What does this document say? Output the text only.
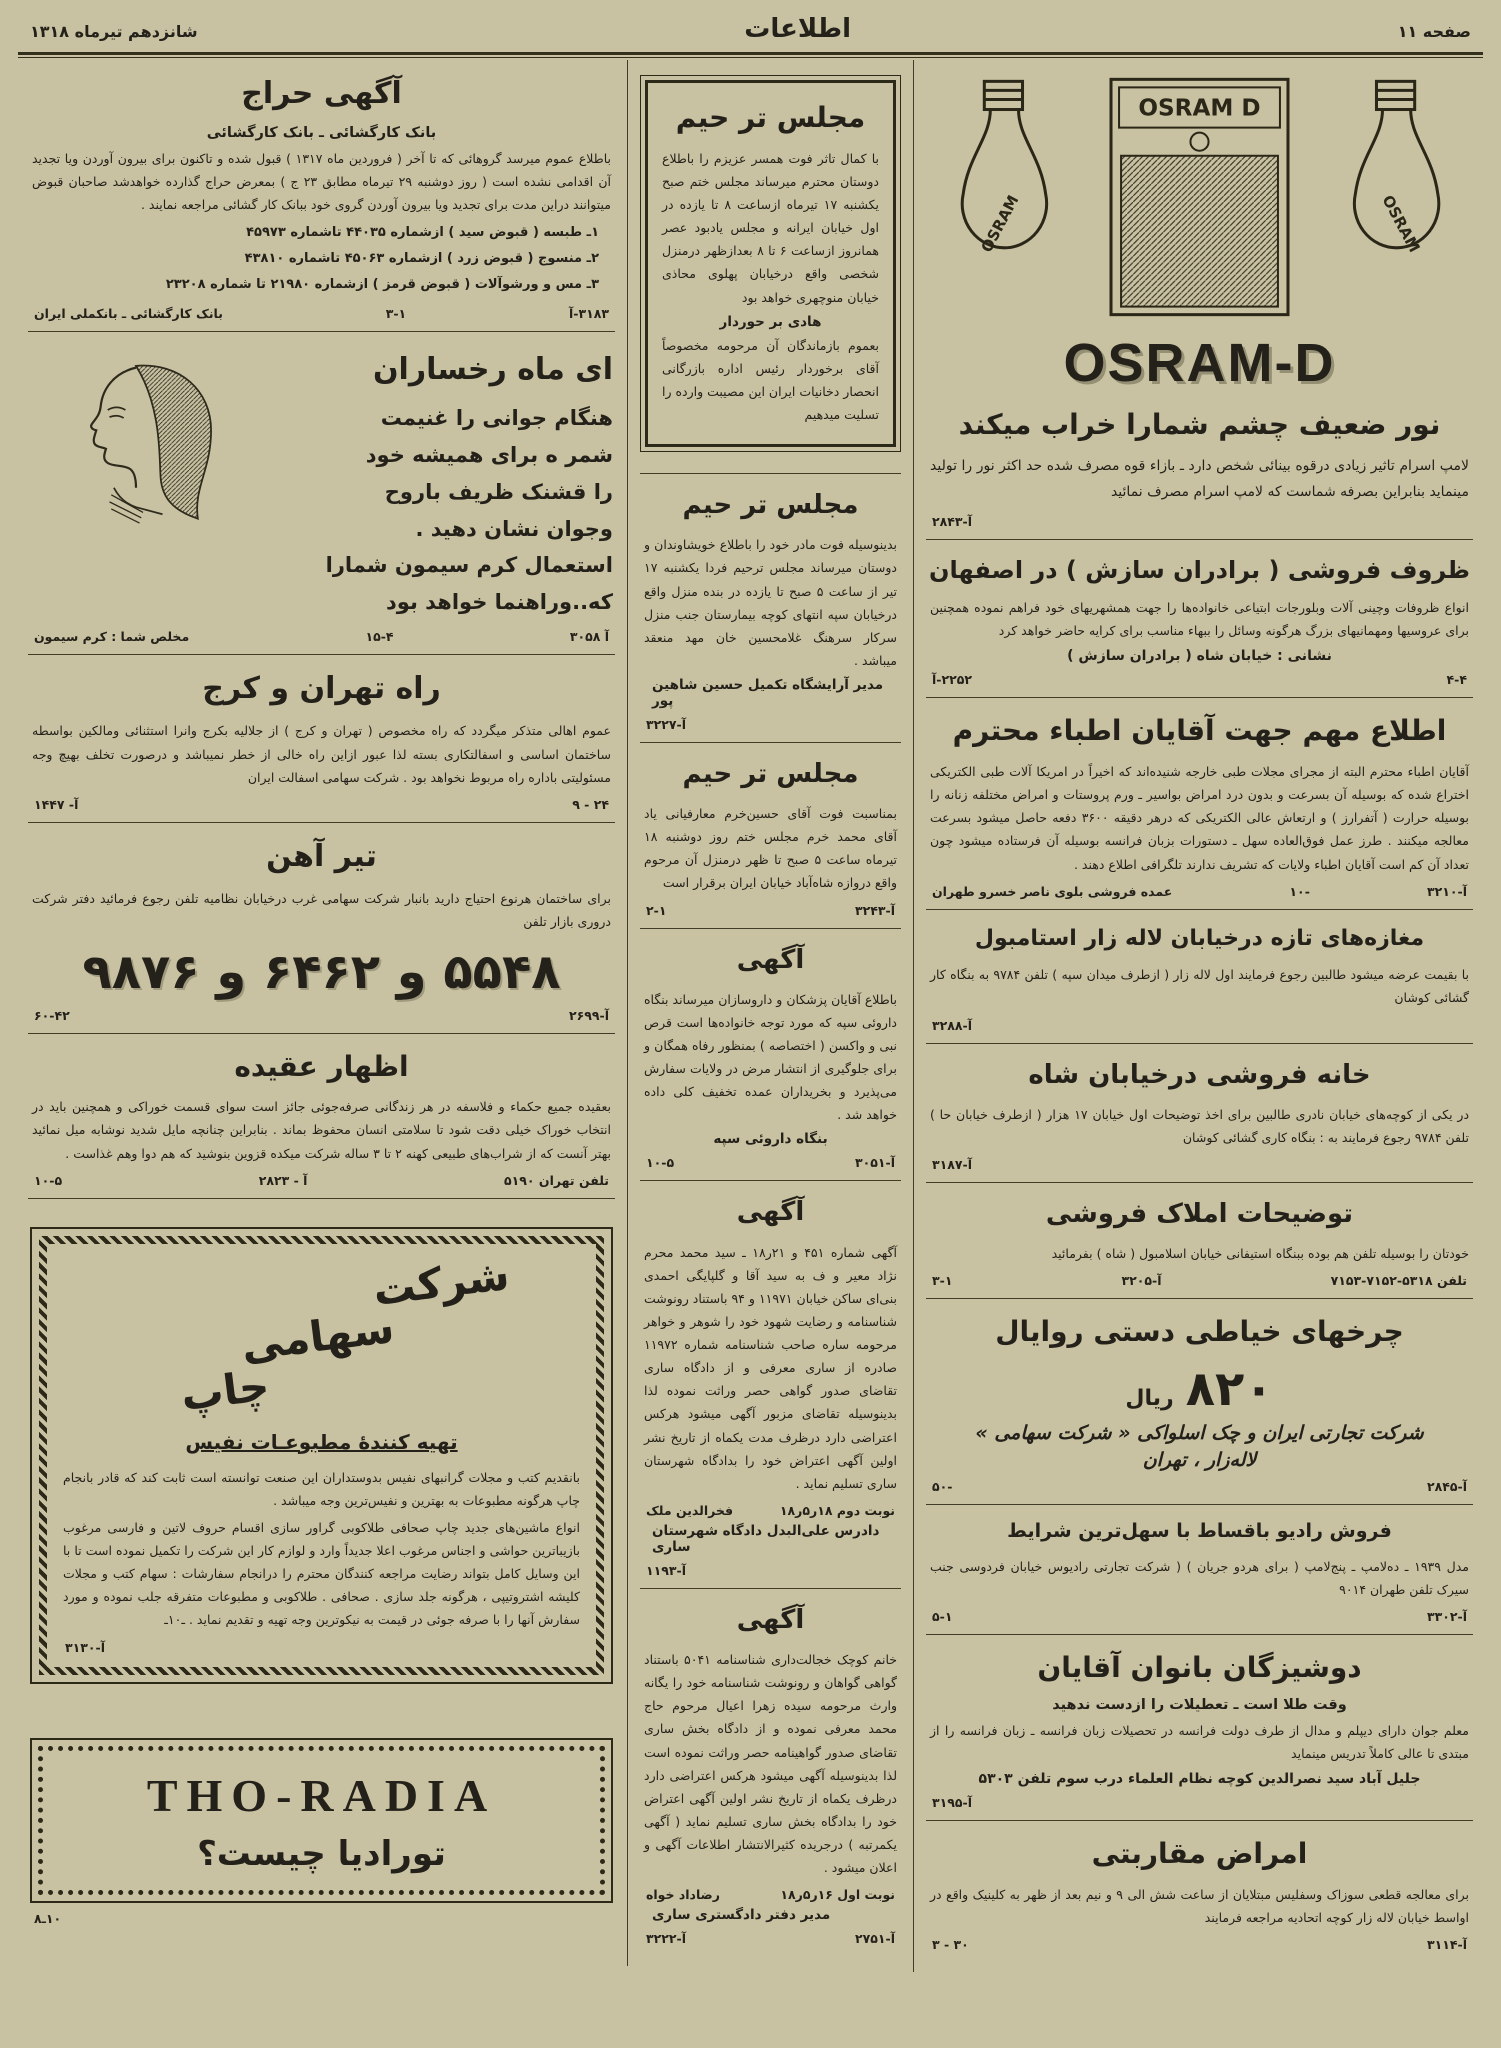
صفحه ۱۱
اطلاعات
شانزدهم تیرماه ۱۳۱۸
OSRAM
OSRAM D
OSRAM
OSRAM-D
نور ضعیف چشم شمارا خراب میکند

لامپ اسرام تاثیر زیادی درقوه بینائی شخص دارد ـ بازاء قوه مصرف شده حد اکثر نور را تولید مینماید بنابراین بصرفه شماست که لامپ اسرام مصرف نمائید

آ-۲۸۴۳
ظروف فروشی ( برادران سازش ) در اصفهان

انواع ظروفات وچینی آلات وبلورجات ابتیاعی خانواده‌ها را جهت همشهریهای خود فراهم نموده همچنین برای عروسیها ومهمانیهای بزرگ هرگونه وسائل را ببهاء مناسب برای کرایه حاضر خواهد کرد

نشانی : خیابان شاه ( برادران سازش )
۴-۴
۲۲۵۲-آ
اطلاع مهم جهت آقایان اطباء محترم

آقایان اطباء محترم البته از مجرای مجلات طبی خارجه شنیده‌اند که اخیراً در امریکا آلات طبی الکتریکی اختراع شده که بوسیله آن بسرعت و بدون درد امراض بواسیر ـ ورم پروستات و امراض مختلفه زنانه را بوسیله حرارت ( آتفرارز ) و ارتعاش عالی الکتریکی که درهر دقیقه ۳۶۰۰ دفعه حاصل میشود بسرعت معالجه میکنند . طرز عمل فوق‌العاده سهل ـ دستورات بزبان فرانسه بوسیله آن فرستاده میشود چون تعداد آن کم است آقایان اطباء ولایات که تشریف ندارند تلگرافی اطلاع دهند .

آ-۳۲۱۰
-۱۰
عمده فروشی بلوی ناصر خسرو طهران
مغازه‌های تازه درخیابان لاله زار استامبول

با بقیمت عرضه میشود طالبین رجوع فرمایند اول لاله زار ( ازطرف میدان سپه ) تلفن ۹۷۸۴ به بنگاه کار گشائی کوشان

آ-۳۲۸۸
خانه فروشی درخیابان شاه

در یکی از کوچه‌های خیابان نادری طالبین برای اخذ توضیحات اول خیابان ۱۷ هزار ( ازطرف خیابان حا ) تلفن ۹۷۸۴ رجوع فرمایند به : بنگاه کاری گشائی کوشان

آ-۳۱۸۷
توضیحات املاک فروشی

خودتان را بوسیله تلفن هم بوده ببنگاه استیفانی خیابان اسلامبول ( شاه ) بفرمائید

تلفن ۵۳۱۸-۷۱۵۲-۷۱۵۳
آ-۳۲۰۵
۳-۱
چرخهای خیاطی دستی روایال
۸۲۰
ریال
شرکت تجارتی ایران و چک اسلواکی « شرکت سهامی »
لاله‌زار ، تهران
آ-۲۸۴۵
-۵۰
فروش رادیو باقساط با سهل‌ترین شرایط

مدل ۱۹۳۹ ـ ده‌لامپ ـ پنج‌لامپ ( برای هردو جریان ) ( شرکت تجارتی رادیوس خیابان فردوسی جنب سیرک تلفن طهران ۹۰۱۴

آ-۳۳۰۲
۵-۱
دوشیزگان بانوان آقایان
وقت طلا است ـ تعطیلات را ازدست ندهید

معلم جوان دارای دیپلم و مدال از طرف دولت فرانسه در تحصیلات زبان فرانسه ـ زبان فرانسه را از مبتدی تا عالی کاملاً تدریس مینماید

جلیل آباد سید نصرالدین کوچه نظام العلماء درب سوم تلفن ۵۳۰۳
آ-۳۱۹۵
امراض مقاربتی

برای معالجه قطعی سوزاک وسفلیس مبتلایان از ساعت شش الی ۹ و نیم بعد از ظهر به کلینیک واقع در اواسط خیابان لاله زار کوچه اتحادیه مراجعه فرمایند

آ-۳۱۱۴
۳۰ - ۳
مجلس تر حیم

با کمال تاثر فوت همسر عزیزم را باطلاع دوستان محترم میرساند مجلس ختم صبح یکشنبه ۱۷ تیرماه ازساعت ۸ تا یازده در اول خیابان ایرانه و مجلس یادبود عصر همانروز ازساعت ۶ تا ۸ بعدازظهر درمنزل شخصی واقع درخیابان پهلوی محاذی خیابان منوچهری خواهد بود

هادی بر حوردار

بعموم بازماندگان آن مرحومه مخصوصاً آقای برخوردار رئیس اداره بازرگانی انحصار دخانیات ایران این مصیبت وارده را تسلیت میدهیم

مجلس تر حیم

بدینوسیله فوت مادر خود را باطلاع خویشاوندان و دوستان میرساند مجلس ترحیم فردا یکشنبه ۱۷ تیر از ساعت ۵ صبح تا یازده در بنده منزل واقع درخیابان سپه انتهای کوچه بیمارستان جنب منزل سرکار سرهنگ غلامحسین خان مهد منعقد میباشد .

مدیر آرایشگاه تکمیل حسین شاهین پور
آ-۳۲۲۷
مجلس تر حیم

بمناسبت فوت آقای حسین‌خرم معارفیانی یاد آقای محمد خرم مجلس ختم روز دوشنبه ۱۸ تیرماه ساعت ۵ صبح تا ظهر درمنزل آن مرحوم واقع دروازه شاه‌آباد خیابان ایران برقرار است

آ-۳۲۴۳
۲-۱
آگهی

باطلاع آقایان پزشکان و داروسازان میرساند بنگاه داروئی سپه که مورد توجه خانواده‌ها است قرص نبی و واکسن ( اختصاصه ) بمنظور رفاه همگان و برای جلوگیری از انتشار مرض در ولایات سفارش می‌پذیرد و بخریداران عمده تخفیف کلی داده خواهد شد .

بنگاه داروئی سپه
آ-۳۰۵۱
۱۰-۵
آگهی

آگهی شماره ۴۵۱ و ۲۱ر۱۸ ـ سید محمد محرم نژاد معیر و ف به سید آقا و گلپایگی احمدی بنی‌ای ساکن خیابان ۱۱۹۷۱ و ۹۴ باستناد رونوشت شناسنامه و رضایت شهود خود را شوهر و خواهر مرحومه ساره صاحب شناسنامه شماره ۱۱۹۷۲ صادره از ساری معرفی و از دادگاه ساری تقاضای صدور گواهی حصر وراثت نموده لذا بدینوسیله تقاضای مزبور آگهی میشود هرکس اعتراضی دارد درظرف مدت یکماه از تاریخ نشر اولین آگهی اعتراض خود را بدادگاه شهرستان ساری تسلیم نماید .

نوبت دوم ۱۸ر۵ر۱۸
فخرالدین ملک
دادرس علی‌البدل دادگاه شهرستان ساری
آ-۱۱۹۳
آگهی

خانم کوچک خجالت‌داری شناسنامه ۵۰۴۱ باستناد گواهی گواهان و رونوشت شناسنامه خود را یگانه وارث مرحومه سیده زهرا اعیال مرحوم حاج محمد معرفی نموده و از دادگاه بخش ساری تقاضای صدور گواهینامه حصر وراثت نموده است لذا بدینوسیله آگهی میشود هرکس اعتراضی دارد درظرف یکماه از تاریخ نشر اولین آگهی اعتراض خود را بدادگاه بخش ساری تسلیم نماید ( آگهی یکمرتبه ) درجریده کثیرالانتشار اطلاعات آگهی و اعلان میشود .

نوبت اول ۱۶ر۵ر۱۸
رضاداد خواه
مدیر دفتر دادگستری ساری
آ-۲۷۵۱
آ-۳۲۲۲
آگهی حراج
بانک کارگشائی ـ بانک کارگشائی

باطلاع عموم میرسد گروهائی که تا آخر ( فروردین ماه ۱۳۱۷ ) قبول شده و تاکنون برای بیرون آوردن ویا تجدید آن اقدامی نشده است ( روز دوشنبه ۲۹ تیرماه مطابق ۲۳ ج ) بمعرض حراج گذارده خواهدشد صاحبان قبوض میتوانند دراین مدت برای تجدید ویا بیرون آوردن گروی خود ببانک کار گشائی مراجعه نمایند .

۱ـ طبسه ( قبوض سید ) ازشماره ۴۴۰۳۵ تاشماره ۴۵۹۷۳
۲ـ منسوج ( قبوض زرد ) ازشماره ۴۵۰۶۳ تاشماره ۴۳۸۱۰
۳ـ مس و ورشوآلات ( قبوض قرمز ) ازشماره ۲۱۹۸۰ تا شماره ۲۳۲۰۸
۳۱۸۳-آ
۳-۱
بانک کارگشائی ـ بانکملی ایران
ای ماه رخساران
هنگام جوانی را غنیمت
شمر ه برای همیشه خود
را قشنک ظریف باروح
وجوان نشان دهید .
استعمال کرم سیمون شمارا
که..وراهنما خواهد بود
آ ۳۰۵۸
۱۵-۴
مخلص شما : کرم سیمون
راه تهران و کرج

عموم اهالی متذکر میگردد که راه مخصوص ( تهران و کرج ) از جلالیه بکرج وانرا استثنائی ومالکین بواسطه ساختمان اساسی و اسفالتکاری بسته لذا عبور ازاین راه خالی از خطر نمیباشد و درصورت تخلف بهیچ وجه مسئولیتی باداره راه مربوط نخواهد بود . شرکت سهامی اسفالت ایران

۲۴ - ۹
آ- ۱۴۴۷
تیر آهن

برای ساختمان هرنوع احتیاج دارید بانبار شرکت سهامی غرب درخیابان نظامیه تلفن رجوع فرمائید دفتر شرکت دروری بازار تلفن

۵۵۴۸ و ۶۴۶۲ و ۹۸۷۶
آ-۲۶۹۹
۶۰-۴۲
اظهار عقیده

بعقیده جمیع حکماء و فلاسفه در هر زندگانی صرفه‌جوئی جائز است سوای قسمت خوراکی و همچنین باید در انتخاب خوراک خیلی دقت شود تا سلامتی انسان محفوظ بماند . بنابراین چنانچه مایل شدید نوشابه میل نمائید بهتر آنست که از شراب‌های طبیعی کهنه ۲ تا ۳ ساله شرکت میکده قزوین بنوشید که هم دوا وهم غذاست .

تلفن تهران ۵۱۹۰
آ - ۲۸۲۳
۱۰-۵
شرکت
سهامی
چاپ
تهیه کنندهٔ مطبوعـات نفیس

بانقدیم کتب و مجلات گرانبهای نفیس بدوستداران این صنعت توانسته است ثابت کند که قادر بانجام چاپ هرگونه مطبوعات به بهترین و نفیس‌ترین وجه میباشد .

انواع ماشین‌های جدید چاپ صحافی طلاکوبی گراور سازی اقسام حروف لاتین و فارسی مرغوب بازیباترین حواشی و اجناس مرغوب اعلا جدیداً وارد و لوازم کار این شرکت را تکمیل نموده است تا با این وسایل کامل بتواند رضایت مراجعه کنندگان محترم را درانجام سفارشات : سهام کتب و مجلات کلیشه اشتروتیپی ، هرگونه جلد سازی . صحافی . طلاکوبی و مطبوعات متفرقه جلب نموده و مورد سفارش آنها را با صرفه جوئی در قیمت به نیکوترین وجه تهیه و تقدیم نماید . ـ۱۰ـ

آ-۳۱۳۰
THO-RADIA
تورادیا چیست؟
۱۰ـ۸
